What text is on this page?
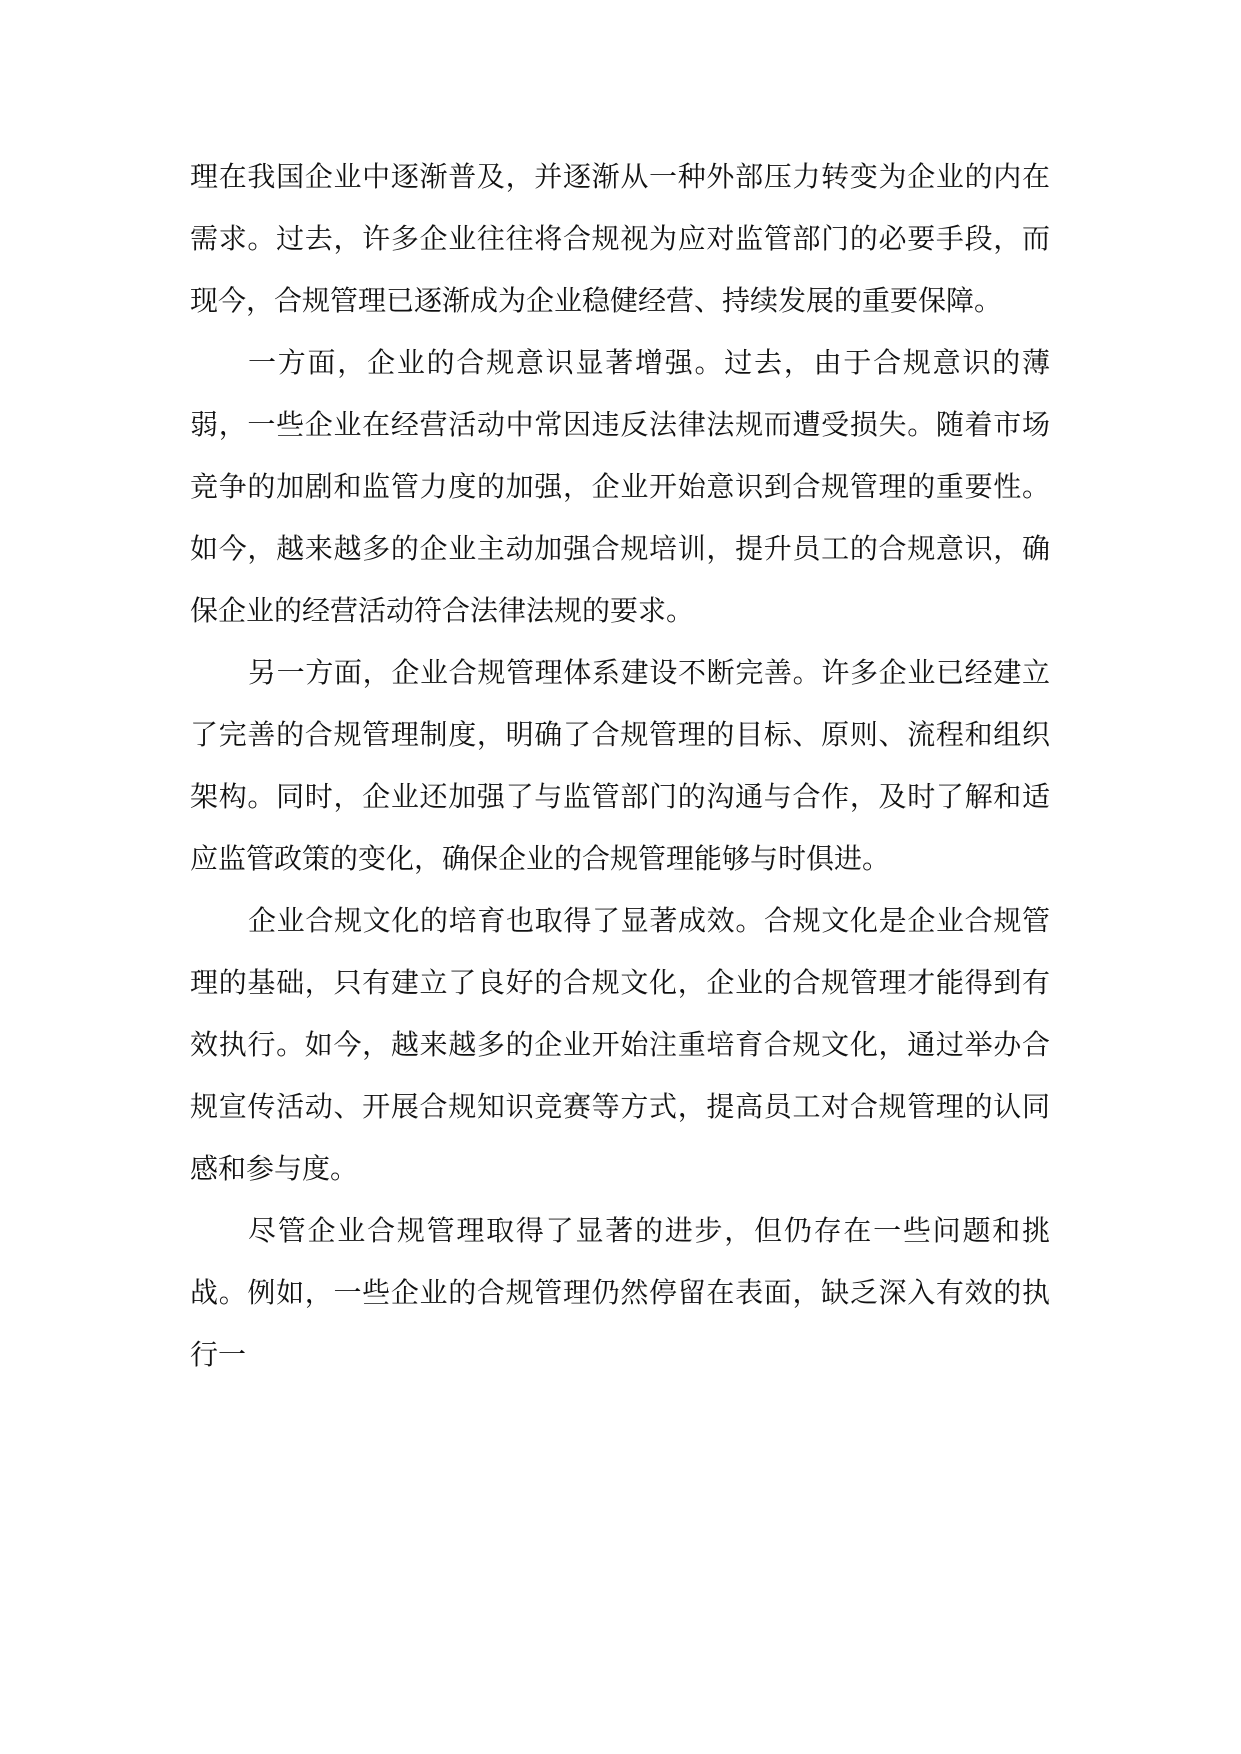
理在我国企业中逐渐普及，并逐渐从一种外部压力转变为企业的内在需求。过去，许多企业往往将合规视为应对监管部门的必要手段，而现今，合规管理已逐渐成为企业稳健经营、持续发展的重要保障。

一方面，企业的合规意识显著增强。过去，由于合规意识的薄弱，一些企业在经营活动中常因违反法律法规而遭受损失。随着市场竞争的加剧和监管力度的加强，企业开始意识到合规管理的重要性。如今，越来越多的企业主动加强合规培训，提升员工的合规意识，确保企业的经营活动符合法律法规的要求。

另一方面，企业合规管理体系建设不断完善。许多企业已经建立了完善的合规管理制度，明确了合规管理的目标、原则、流程和组织架构。同时，企业还加强了与监管部门的沟通与合作，及时了解和适应监管政策的变化，确保企业的合规管理能够与时俱进。

企业合规文化的培育也取得了显著成效。合规文化是企业合规管理的基础，只有建立了良好的合规文化，企业的合规管理才能得到有效执行。如今，越来越多的企业开始注重培育合规文化，通过举办合规宣传活动、开展合规知识竞赛等方式，提高员工对合规管理的认同感和参与度。

尽管企业合规管理取得了显著的进步，但仍存在一些问题和挑战。例如，一些企业的合规管理仍然停留在表面，缺乏深入有效的执行一
